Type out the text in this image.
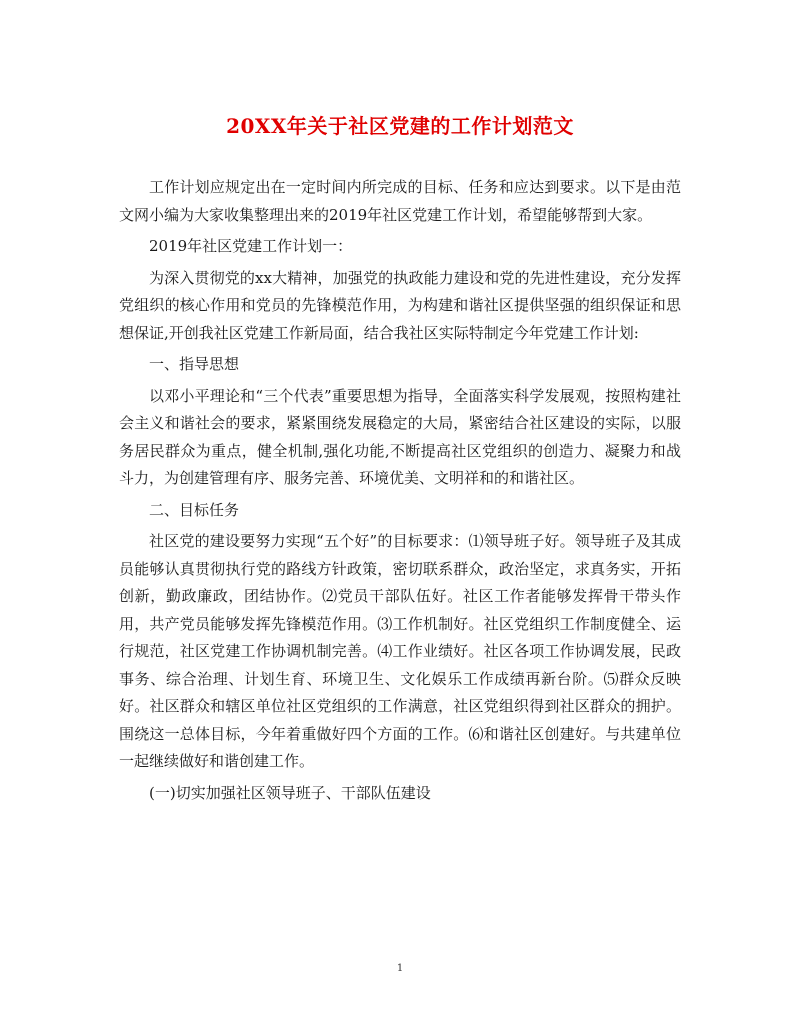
20XX年关于社区党建的工作计划范文

工作计划应规定出在一定时间内所完成的目标、任务和应达到要求。以下是由范文网小编为大家收集整理出来的2019年社区党建工作计划，希望能够帮到大家。

2019年社区党建工作计划一：

为深入贯彻党的xx大精神，加强党的执政能力建设和党的先进性建设，充分发挥党组织的核心作用和党员的先锋模范作用，为构建和谐社区提供坚强的组织保证和思想保证,开创我社区党建工作新局面，结合我社区实际特制定今年党建工作计划:

一、指导思想

以邓小平理论和“三个代表”重要思想为指导，全面落实科学发展观，按照构建社会主义和谐社会的要求，紧紧围绕发展稳定的大局，紧密结合社区建设的实际，以服务居民群众为重点，健全机制,强化功能,不断提高社区党组织的创造力、凝聚力和战斗力，为创建管理有序、服务完善、环境优美、文明祥和的和谐社区。

二、目标任务

社区党的建设要努力实现“五个好”的目标要求：⑴领导班子好。领导班子及其成员能够认真贯彻执行党的路线方针政策，密切联系群众，政治坚定，求真务实，开拓创新，勤政廉政，团结协作。⑵党员干部队伍好。社区工作者能够发挥骨干带头作用，共产党员能够发挥先锋模范作用。⑶工作机制好。社区党组织工作制度健全、运行规范，社区党建工作协调机制完善。⑷工作业绩好。社区各项工作协调发展，民政事务、综合治理、计划生育、环境卫生、文化娱乐工作成绩再新台阶。⑸群众反映好。社区群众和辖区单位社区党组织的工作满意，社区党组织得到社区群众的拥护。围绕这一总体目标，今年着重做好四个方面的工作。⑹和谐社区创建好。与共建单位一起继续做好和谐创建工作。

(一)切实加强社区领导班子、干部队伍建设

1
